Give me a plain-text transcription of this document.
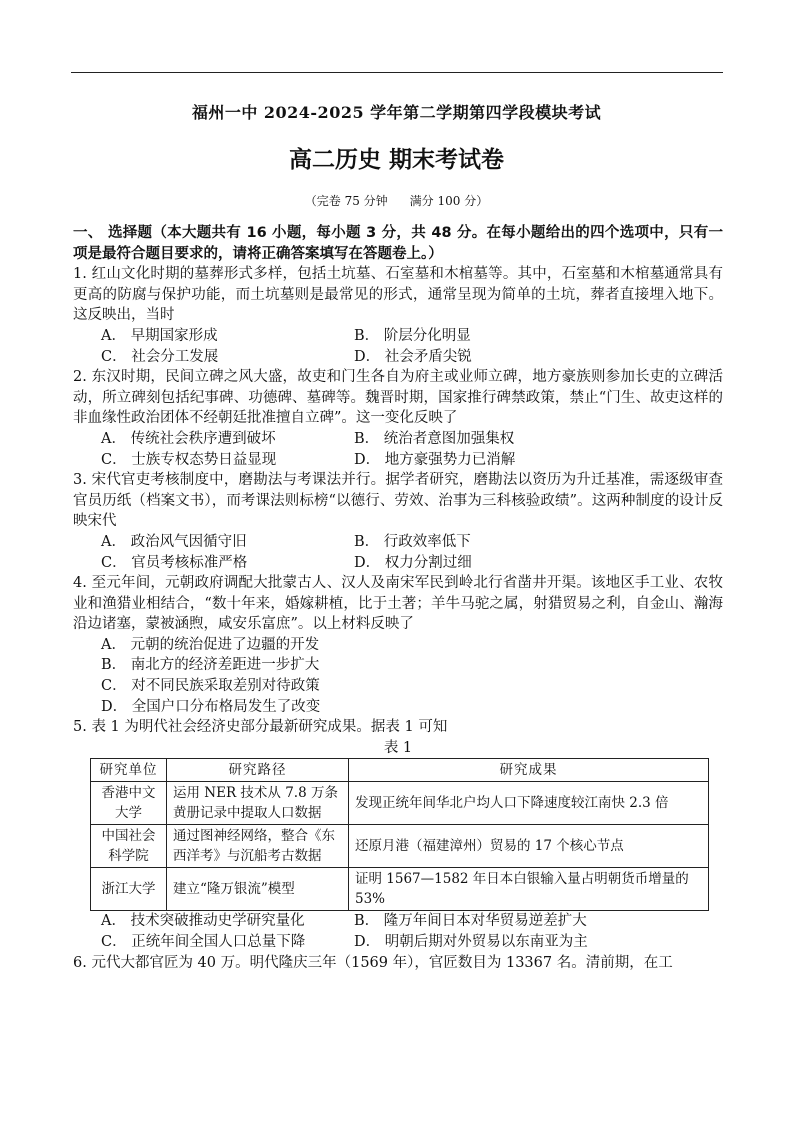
福州一中 2024-2025 学年第二学期第四学段模块考试
高二历史 期末考试卷
（完卷 75 分钟 满分 100 分）

一、 选择题（本大题共有 16 小题，每小题 3 分，共 48 分。在每小题给出的四个选项中，只有一项是最符合题目要求的，请将正确答案填写在答题卷上。）

1. 红山文化时期的墓葬形式多样，包括土坑墓、石室墓和木棺墓等。其中，石室墓和木棺墓通常具有更高的防腐与保护功能，而土坑墓则是最常见的形式，通常呈现为简单的土坑，葬者直接埋入地下。这反映出，当时

A． 早期国家形成	B． 阶层分化明显
C． 社会分工发展	D． 社会矛盾尖锐

2. 东汉时期，民间立碑之风大盛，故吏和门生各自为府主或业师立碑，地方豪族则参加长吏的立碑活动，所立碑刻包括纪事碑、功德碑、墓碑等。魏晋时期，国家推行碑禁政策，禁止“门生、故吏这样的非血缘性政治团体不经朝廷批准擅自立碑”。这一变化反映了

A． 传统社会秩序遭到破坏	B． 统治者意图加强集权
C． 士族专权态势日益显现	D． 地方豪强势力已消解

3. 宋代官吏考核制度中，磨勘法与考课法并行。据学者研究，磨勘法以资历为升迁基准，需逐级审查官员历纸（档案文书），而考课法则标榜“以德行、劳效、治事为三科核验政绩”。这两种制度的设计反映宋代

A． 政治风气因循守旧	B． 行政效率低下
C． 官员考核标准严格	D． 权力分割过细

4. 至元年间，元朝政府调配大批蒙古人、汉人及南宋军民到岭北行省凿井开渠。该地区手工业、农牧业和渔猎业相结合，“数十年来，婚嫁耕植，比于土著；羊牛马驼之属，射猎贸易之利，自金山、瀚海沿边诸塞，蒙被涵煦，咸安乐富庶”。以上材料反映了

A． 元朝的统治促进了边疆的开发
B． 南北方的经济差距进一步扩大
C． 对不同民族采取差别对待政策
D． 全国户口分布格局发生了改变

5. 表 1 为明代社会经济史部分最新研究成果。据表 1 可知

表 1

研究单位	研究路径	研究成果
香港中文大学	运用 NER 技术从 7.8 万条黄册记录中提取人口数据	发现正统年间华北户均人口下降速度较江南快 2.3 倍
中国社会科学院	通过图神经网络，整合《东西洋考》与沉船考古数据	还原月港（福建漳州）贸易的 17 个核心节点
浙江大学	建立“隆万银流”模型	证明 1567—1582 年日本白银输入量占明朝货币增量的 53%
A． 技术突破推动史学研究量化	B． 隆万年间日本对华贸易逆差扩大
C． 正统年间全国人口总量下降	D． 明朝后期对外贸易以东南亚为主

6. 元代大都官匠为 40 万。明代隆庆三年（1569 年），官匠数目为 13367 名。清前期，在工
